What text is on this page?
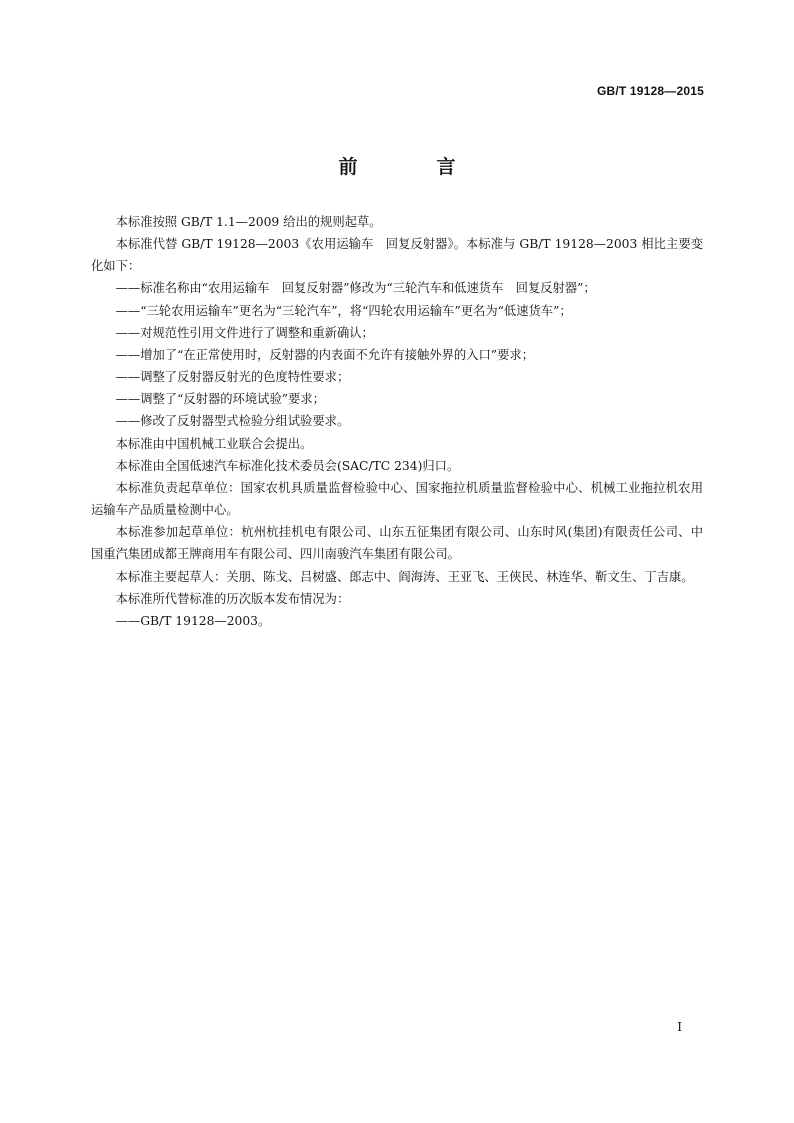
GB/T 19128—2015
前　言

本标准按照 GB/T 1.1—2009 给出的规则起草。

本标准代替 GB/T 19128—2003《农用运输车　回复反射器》。本标准与 GB/T 19128—2003 相比主要变化如下：

——标准名称由“农用运输车　回复反射器”修改为“三轮汽车和低速货车　回复反射器”；

——“三轮农用运输车”更名为“三轮汽车”，将“四轮农用运输车”更名为“低速货车”；

——对规范性引用文件进行了调整和重新确认；

——增加了“在正常使用时，反射器的内表面不允许有接触外界的入口”要求；

——调整了反射器反射光的色度特性要求；

——调整了“反射器的环境试验”要求；

——修改了反射器型式检验分组试验要求。

本标准由中国机械工业联合会提出。

本标准由全国低速汽车标准化技术委员会(SAC/TC 234)归口。

本标准负责起草单位：国家农机具质量监督检验中心、国家拖拉机质量监督检验中心、机械工业拖拉机农用运输车产品质量检测中心。

本标准参加起草单位：杭州杭挂机电有限公司、山东五征集团有限公司、山东时风(集团)有限责任公司、中国重汽集团成都王牌商用车有限公司、四川南骏汽车集团有限公司。

本标准主要起草人：关朋、陈戈、吕树盛、郎志中、阎海涛、王亚飞、王俠民、林连华、靳文生、丁吉康。

本标准所代替标准的历次版本发布情况为：

——GB/T 19128—2003。

I
